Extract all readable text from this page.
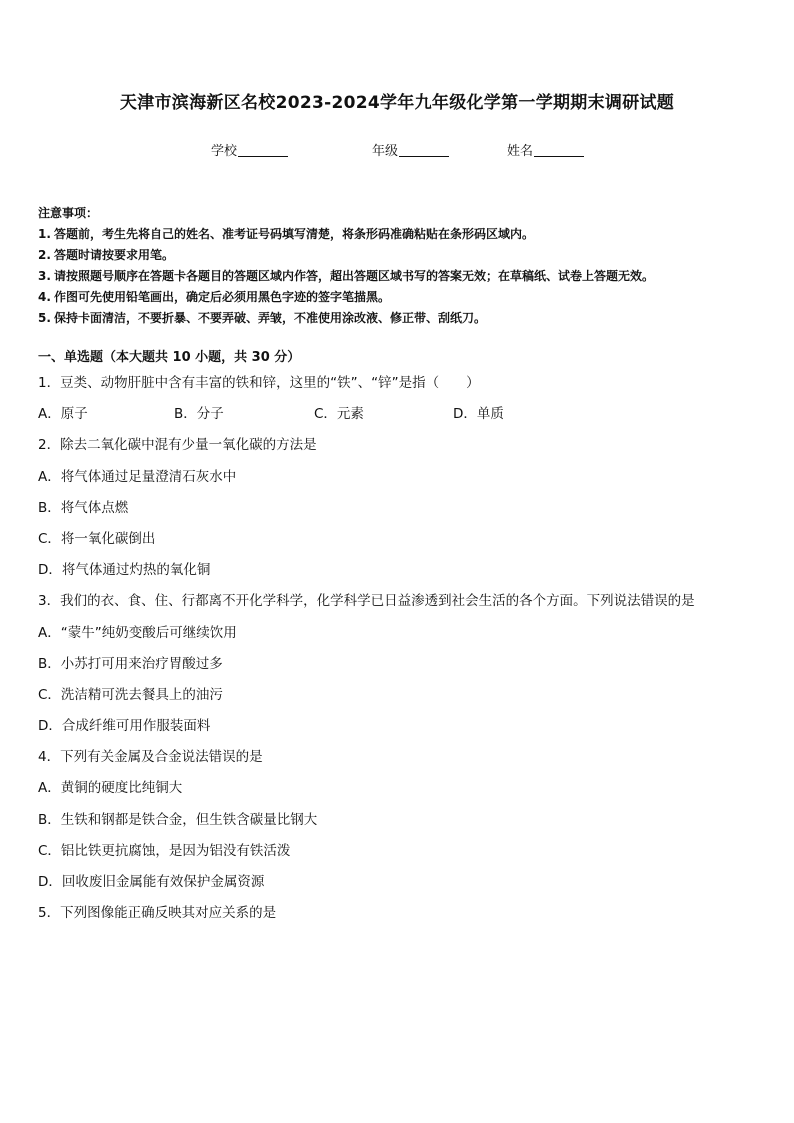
天津市滨海新区名校2023-2024学年九年级化学第一学期期末调研试题
学校	年级	姓名
注意事项：
1. 答题前，考生先将自己的姓名、准考证号码填写清楚，将条形码准确粘贴在条形码区域内。
2. 答题时请按要求用笔。
3. 请按照题号顺序在答题卡各题目的答题区域内作答，超出答题区域书写的答案无效；在草稿纸、试卷上答题无效。
4. 作图可先使用铅笔画出，确定后必须用黑色字迹的签字笔描黑。
5. 保持卡面清洁，不要折暴、不要弄破、弄皱，不准使用涂改液、修正带、刮纸刀。
一、单选题（本大题共 10 小题，共 30 分）
1．豆类、动物肝脏中含有丰富的铁和锌，这里的“铁”、“锌”是指（　　）
A．原子	B．分子	C．元素	D．单质
2．除去二氧化碳中混有少量一氧化碳的方法是
A．将气体通过足量澄清石灰水中
B．将气体点燃
C．将一氧化碳倒出
D．将气体通过灼热的氧化铜
3．我们的衣、食、住、行都离不开化学科学，化学科学已日益渗透到社会生活的各个方面。下列说法错误的是
A．“蒙牛”纯奶变酸后可继续饮用
B．小苏打可用来治疗胃酸过多
C．洗洁精可洗去餐具上的油污
D．合成纤维可用作服装面料
4．下列有关金属及合金说法错误的是
A．黄铜的硬度比纯铜大
B．生铁和钢都是铁合金，但生铁含碳量比钢大
C．铝比铁更抗腐蚀，是因为铝没有铁活泼
D．回收废旧金属能有效保护金属资源
5．下列图像能正确反映其对应关系的是
